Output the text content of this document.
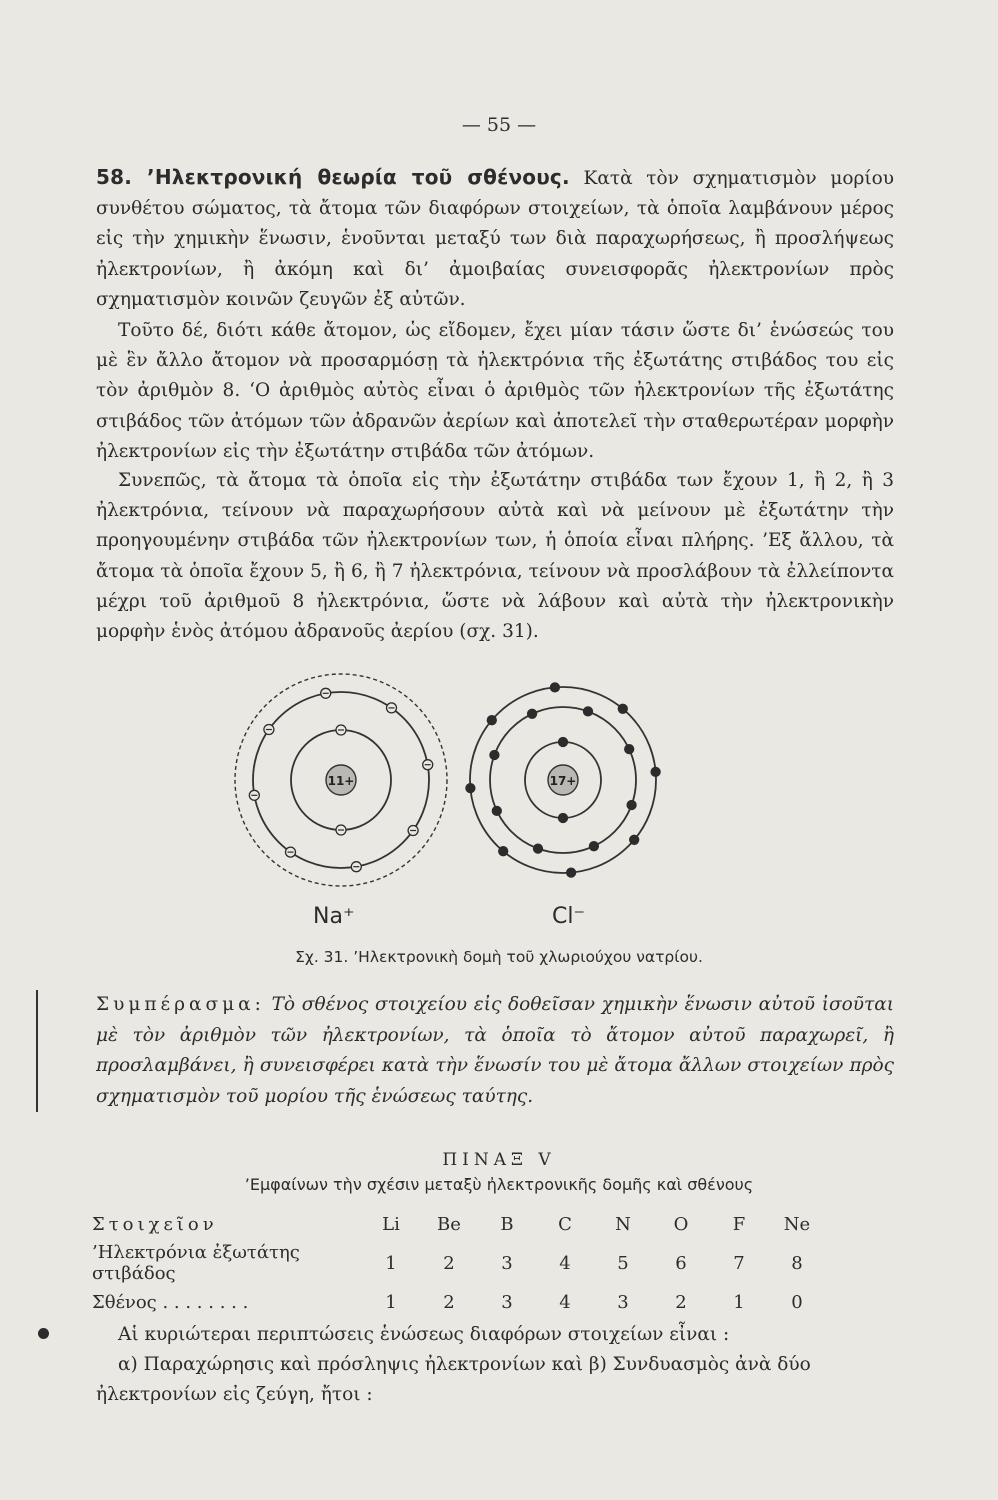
— 55 —
58. ’Ηλεκτρονική θεωρία τοῦ σθένους. Κατὰ τὸν σχηματισμὸν μορίου συνθέτου σώματος, τὰ ἄτομα τῶν διαφόρων στοιχείων, τὰ ὁποῖα λαμβάνουν μέρος εἰς τὴν χημικὴν ἕνωσιν, ἑνοῦνται μεταξύ των διὰ παραχωρήσεως, ἢ προσλήψεως ἠλεκτρονίων, ἢ ἀκόμη καὶ δι’ ἀμοιβαίας συνεισφορᾶς ἠλεκτρονίων πρὸς σχηματισμὸν κοινῶν ζευγῶν ἐξ αὐτῶν.
Τοῦτο δέ, διότι κάθε ἄτομον, ὡς εἴδομεν, ἔχει μίαν τάσιν ὥστε δι’ ἑνώσεώς του μὲ ἓν ἄλλο ἄτομον νὰ προσαρμόσῃ τὰ ἠλεκτρόνια τῆς ἐξωτάτης στιβάδος του εἰς τὸν ἀριθμὸν 8. ‘Ο ἀριθμὸς αὐτὸς εἶναι ὁ ἀριθμὸς τῶν ἠλεκτρονίων τῆς ἐξωτάτης στιβάδος τῶν ἀτόμων τῶν ἀδρανῶν ἀερίων καὶ ἀποτελεῖ τὴν σταθερωτέραν μορφὴν ἠλεκτρονίων εἰς τὴν ἐξωτάτην στιβάδα τῶν ἀτόμων.
Συνεπῶς, τὰ ἄτομα τὰ ὁποῖα εἰς τὴν ἐξωτάτην στιβάδα των ἔχουν 1, ἢ 2, ἢ 3 ἠλεκτρόνια, τείνουν νὰ παραχωρήσουν αὐτὰ καὶ νὰ μείνουν μὲ ἐξωτάτην τὴν προηγουμένην στιβάδα τῶν ἠλεκτρονίων των, ἡ ὁποία εἶναι πλήρης. ’Εξ ἄλλου, τὰ ἄτομα τὰ ὁποῖα ἔχουν 5, ἢ 6, ἢ 7 ἠλεκτρόνια, τείνουν νὰ προσλάβουν τὰ ἐλλείποντα μέχρι τοῦ ἀριθμοῦ 8 ἠλεκτρόνια, ὥστε νὰ λάβουν καὶ αὐτὰ τὴν ἠλεκτρονικὴν μορφὴν ἑνὸς ἀτόμου ἀδρανοῦς ἀερίου (σχ. 31).
11+	17+
Na⁺	Cl⁻
Σχ. 31. ’Ηλεκτρονικὴ δομὴ τοῦ χλωριούχου νατρίου.
Συμπέρασμα: Τὸ σθένος στοιχείου εἰς δοθεῖσαν χημικὴν ἕνωσιν αὐτοῦ ἰσοῦται μὲ τὸν ἀριθμὸν τῶν ἠλεκτρονίων, τὰ ὁποῖα τὸ ἄτομον αὐτοῦ παραχωρεῖ, ἢ προσλαμβάνει, ἢ συνεισφέρει κατὰ τὴν ἕνωσίν του μὲ ἄτομα ἄλλων στοιχείων πρὸς σχηματισμὸν τοῦ μορίου τῆς ἑνώσεως ταύτης.
ΠΙΝΑΞ V
’Εμφαίνων τὴν σχέσιν μεταξὺ ἠλεκτρονικῆς δομῆς καὶ σθένους
Στοιχεῖον	Li	Be	B	C	N	O	F	Ne
’Ηλεκτρόνια ἐξωτάτης στιβάδος	1	2	3	4	5	6	7	8
Σθένος . . . . . . . .	1	2	3	4	3	2	1	0
Αἱ κυριώτεραι περιπτώσεις ἑνώσεως διαφόρων στοιχείων εἶναι :
α) Παραχώρησις καὶ πρόσληψις ἠλεκτρονίων καὶ β) Συνδυασμὸς ἀνὰ δύο ἠλεκτρονίων εἰς ζεύγη, ἤτοι :
